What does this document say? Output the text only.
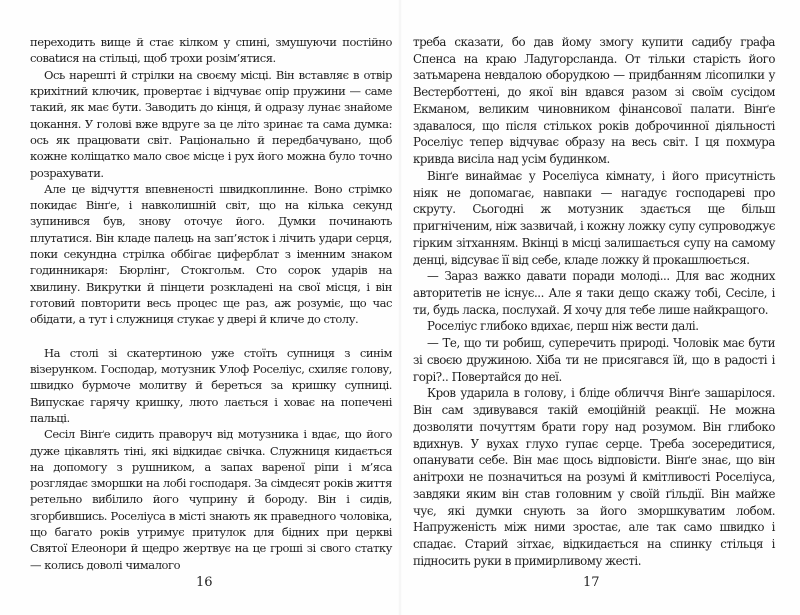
переходить вище й стає кілком у спині, змушуючи постійно совatися на стільці, щоб трохи розім’ятися.

Ось нарешті й стрілки на своєму місці. Він вставляє в отвір крихітний ключик, провертає і відчуває опір пружини — саме такий, як має бути. Заводить до кінця, й одразу лунає знайоме цокання. У голові вже вдруге за це літо зринає та сама думка: ось як працювати світ. Раціонально й передбачувано, щоб кожне коліщатко мало своє місце і рух його можна було точно розрахувати.

Але це відчуття впевненості швидкоплинне. Воно стрімко покидає Вінґе, і навколишній світ, що на кілька секунд зупинився був, знову оточує його. Думки починають плутатися. Він кладе палець на зап’ясток і лічить удари серця, поки секундна стрілка оббігає циферблат з іменним знаком годинникаря: Бюрлінг, Стокгольм. Сто сорок ударів на хвилину. Викрутки й пінцети розкладені на свої місця, і він готовий повторити весь процес ще раз, аж розуміє, що час обідати, а тут і служниця стукає у двері й кличе до столу.

На столі зі скатертиною уже стоїть супниця з синім візерунком. Господар, мотузник Улоф Роселіус, схиляє голову, швидко бурмоче молитву й береться за кришку супниці. Випускає гарячу кришку, люто лається і ховає на попечені пальці.

Сесіл Вінґе сидить праворуч від мотузника і вдає, що його дуже цікавлять тіні, які відкидає свічка. Служниця кидається на допомогу з рушником, а запах вареної ріпи і м’яса розглядає зморшки на лобі господаря. За сімдесят років життя ретельно вибілило його чуприну й бороду. Він і сидів, згорбившись. Роселіуса в місті знають як праведного чоловіка, що багато років утримує притулок для бідних при церкві Святої Елеонори й щедро жертвує на це гроші зі свого статку — колись доволі чималого

треба сказати, бо дав йому змогу купити садибу графа Спенса на краю Ладугорсланда. От тільки старість його затьмарена невдалою оборудкою — придбанням лісопилки у Вестерботтені, до якої він вдався разом зі своїм сусідом Екманом, великим чиновником фінансової палати. Вінґе здавалося, що після стількох років доброчинної діяльності Роселіус тепер відчуває образу на весь світ. І ця похмура кривда висіла над усім будинком.

Вінґе винаймає у Роселіуса кімнату, і його присутність ніяк не допомагає, навпаки — нагадує господареві про скруту. Сьогодні ж мотузник здається ще більш пригніченим, ніж зазвичай, і кожну ложку супу супроводжує гірким зітханням. Вкінці в місці залишається супу на самому денці, відсуває її від себе, кладе ложку й прокашлюється.

— Зараз важко давати поради молоді... Для вас жодних авторитетів не існує... Але я таки дещо скажу тобі, Сесіле, і ти, будь ласка, послухай. Я хочу для тебе лише найкращого.

Роселіус глибоко вдихає, перш ніж вести далі.

— Те, що ти робиш, суперечить природі. Чоловік має бути зі своєю дружиною. Хіба ти не присягався їй, що в радості і горі?.. Повертайся до неї.

Кров ударила в голову, і бліде обличчя Вінґе зашарілося. Він сам здивувався такій емоційній реакції. Не можна дозволяти почуттям брати гору над розумом. Він глибоко вдихнув. У вухах глухо гупає серце. Треба зосередитися, опанувати себе. Він має щось відповісти. Вінґе знає, що він анітрохи не позначиться на розумі й кмітливості Роселіуса, завдяки яким він став головним у своїй ґільдії. Він майже чує, які думки снують за його зморшкуватим лобом. Напруженість між ними зростає, але так само швидко і спадає. Старий зітхає, відкидається на спинку стільця і підносить руки в примирливому жесті.

16	17
